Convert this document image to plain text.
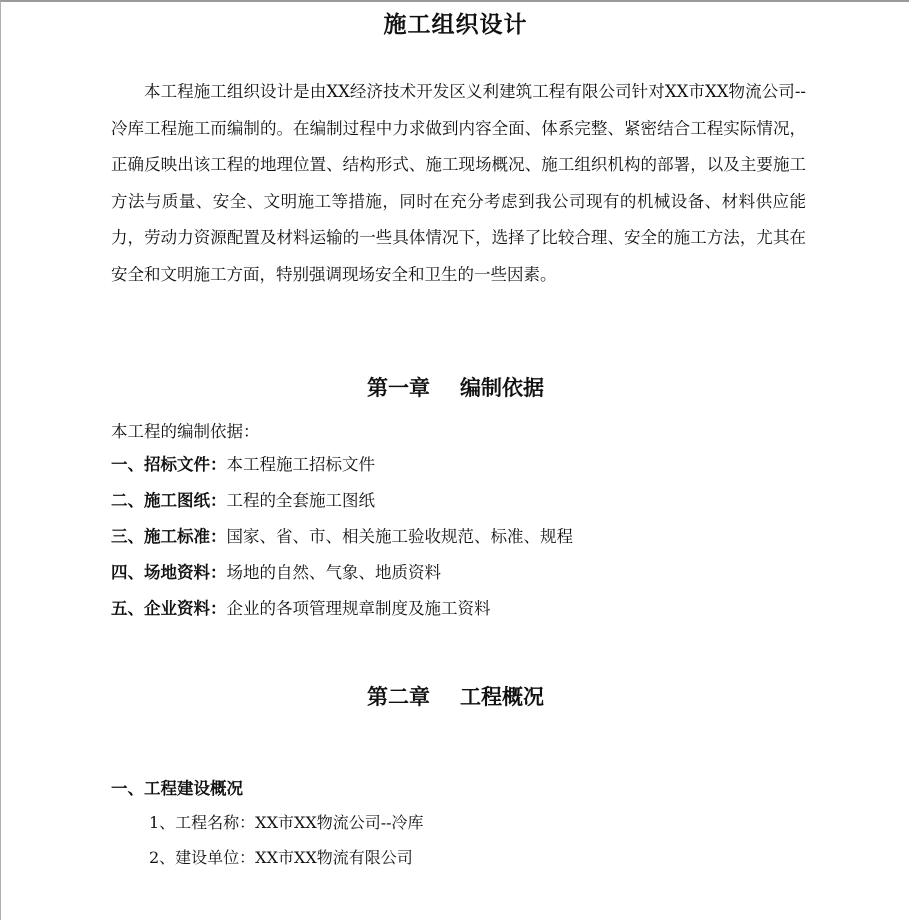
施工组织设计

本工程施工组织设计是由XX经济技术开发区义利建筑工程有限公司针对XX市XX物流公司--冷库工程施工而编制的。在编制过程中力求做到内容全面、体系完整、紧密结合工程实际情况，正确反映出该工程的地理位置、结构形式、施工现场概况、施工组织机构的部署，以及主要施工方法与质量、安全、文明施工等措施，同时在充分考虑到我公司现有的机械设备、材料供应能力，劳动力资源配置及材料运输的一些具体情况下，选择了比较合理、安全的施工方法，尤其在安全和文明施工方面，特别强调现场安全和卫生的一些因素。

第一章 编制依据
本工程的编制依据：
一、招标文件：本工程施工招标文件
二、施工图纸：工程的全套施工图纸
三、施工标准：国家、省、市、相关施工验收规范、标准、规程
四、场地资料：场地的自然、气象、地质资料
五、企业资料：企业的各项管理规章制度及施工资料
第二章 工程概况
一、工程建设概况
1、工程名称：XX市XX物流公司--冷库
2、建设单位：XX市XX物流有限公司
